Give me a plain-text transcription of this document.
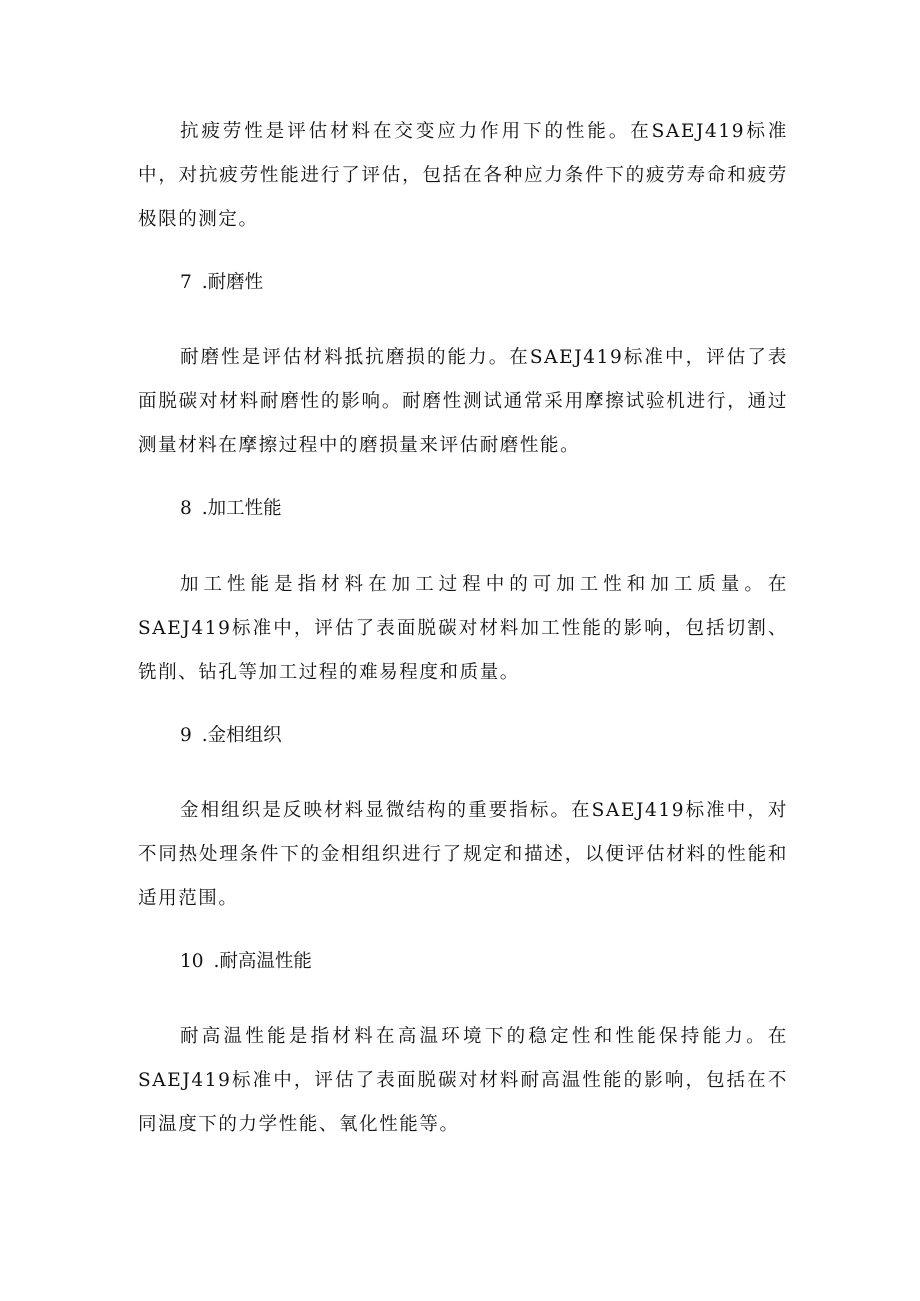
抗疲劳性是评估材料在交变应力作用下的性能。在SAEJ419标准中，对抗疲劳性能进行了评估，包括在各种应力条件下的疲劳寿命和疲劳极限的测定。

7 .耐磨性

耐磨性是评估材料抵抗磨损的能力。在SAEJ419标准中，评估了表面脱碳对材料耐磨性的影响。耐磨性测试通常采用摩擦试验机进行，通过测量材料在摩擦过程中的磨损量来评估耐磨性能。

8 .加工性能

加工性能是指材料在加工过程中的可加工性和加工质量。在SAEJ419标准中，评估了表面脱碳对材料加工性能的影响，包括切割、铣削、钻孔等加工过程的难易程度和质量。

9 .金相组织

金相组织是反映材料显微结构的重要指标。在SAEJ419标准中，对不同热处理条件下的金相组织进行了规定和描述，以便评估材料的性能和适用范围。

10 .耐高温性能

耐高温性能是指材料在高温环境下的稳定性和性能保持能力。在SAEJ419标准中，评估了表面脱碳对材料耐高温性能的影响，包括在不同温度下的力学性能、氧化性能等。
